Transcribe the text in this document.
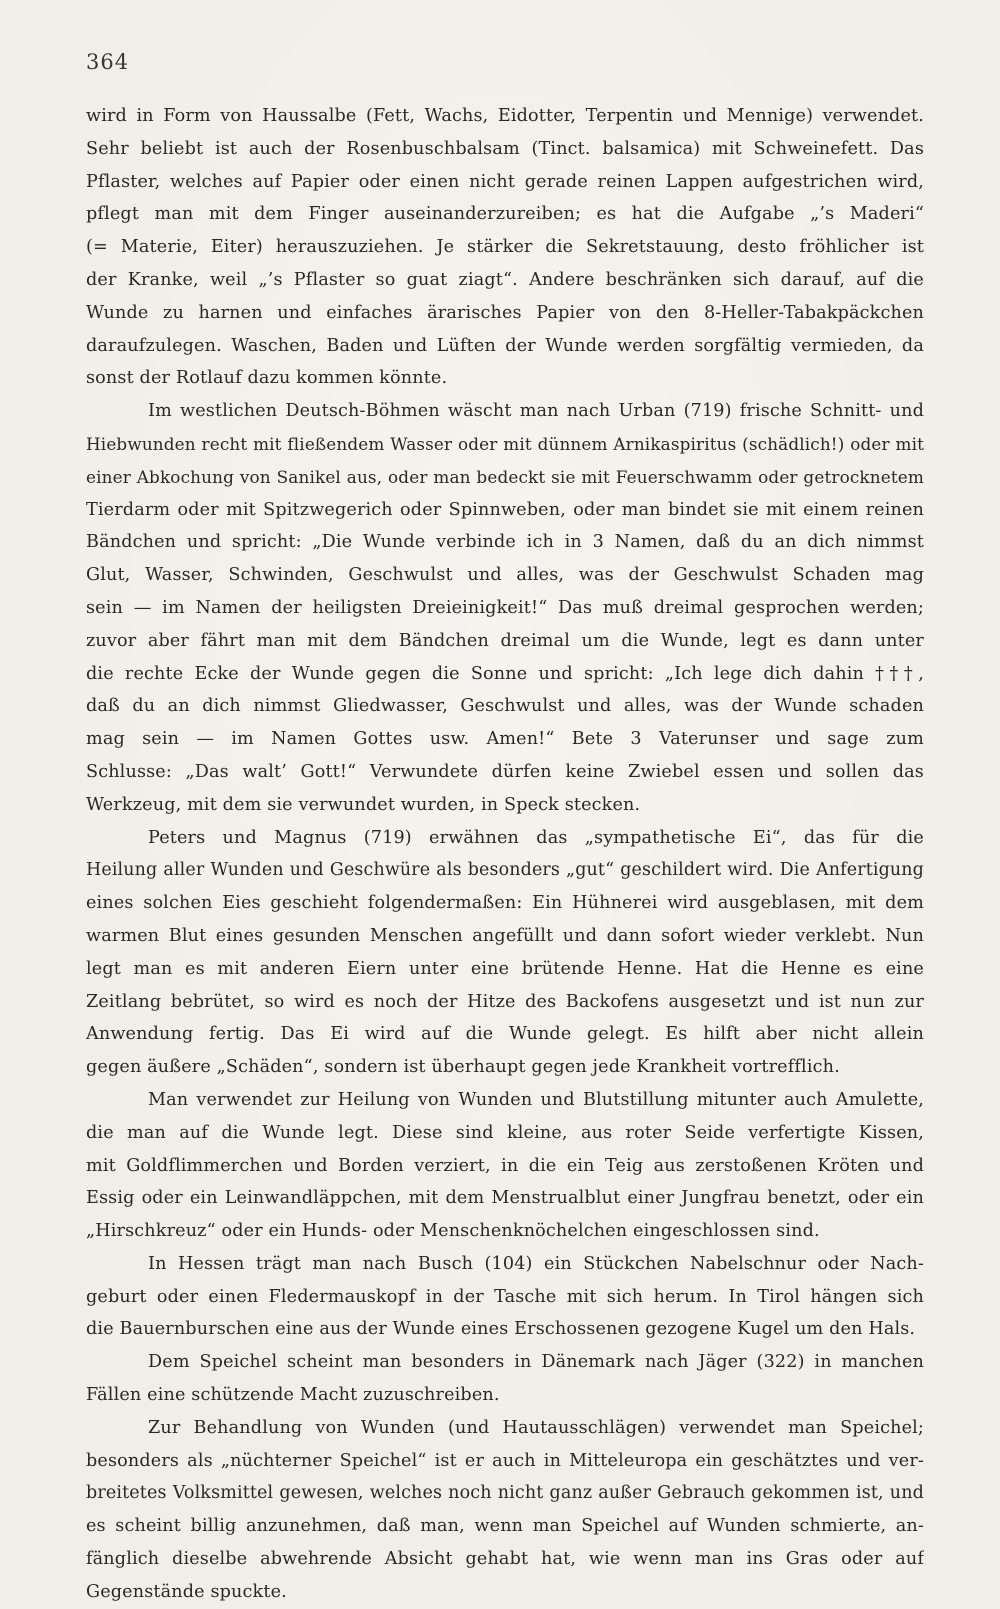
364
wird in Form von Haussalbe (Fett, Wachs, Eidotter, Terpentin und Mennige) verwendet.
Sehr beliebt ist auch der Rosenbuschbalsam (Tinct. balsamica) mit Schweinefett. Das
Pflaster, welches auf Papier oder einen nicht gerade reinen Lappen aufgestrichen wird,
pflegt man mit dem Finger auseinanderzureiben; es hat die Aufgabe „’s Maderi“
(= Materie, Eiter) herauszuziehen. Je stärker die Sekretstauung, desto fröhlicher ist
der Kranke, weil „’s Pflaster so guat ziagt“. Andere beschränken sich darauf, auf die
Wunde zu harnen und einfaches ärarisches Papier von den 8-Heller-Tabakpäckchen
daraufzulegen. Waschen, Baden und Lüften der Wunde werden sorgfältig vermieden, da
sonst der Rotlauf dazu kommen könnte.
Im westlichen Deutsch-Böhmen wäscht man nach Urban (719) frische Schnitt- und
Hiebwunden recht mit fließendem Wasser oder mit dünnem Arnikaspiritus (schädlich!) oder mit
einer Abkochung von Sanikel aus, oder man bedeckt sie mit Feuerschwamm oder getrocknetem
Tierdarm oder mit Spitzwegerich oder Spinnweben, oder man bindet sie mit einem reinen
Bändchen und spricht: „Die Wunde verbinde ich in 3 Namen, daß du an dich nimmst
Glut, Wasser, Schwinden, Geschwulst und alles, was der Geschwulst Schaden mag
sein — im Namen der heiligsten Dreieinigkeit!“ Das muß dreimal gesprochen werden;
zuvor aber fährt man mit dem Bändchen dreimal um die Wunde, legt es dann unter
die rechte Ecke der Wunde gegen die Sonne und spricht: „Ich lege dich dahin †††,
daß du an dich nimmst Gliedwasser, Geschwulst und alles, was der Wunde schaden
mag sein — im Namen Gottes usw. Amen!“ Bete 3 Vaterunser und sage zum
Schlusse: „Das walt’ Gott!“ Verwundete dürfen keine Zwiebel essen und sollen das
Werkzeug, mit dem sie verwundet wurden, in Speck stecken.
Peters und Magnus (719) erwähnen das „sympathetische Ei“, das für die
Heilung aller Wunden und Geschwüre als besonders „gut“ geschildert wird. Die Anfertigung
eines solchen Eies geschieht folgendermaßen: Ein Hühnerei wird ausgeblasen, mit dem
warmen Blut eines gesunden Menschen angefüllt und dann sofort wieder verklebt. Nun
legt man es mit anderen Eiern unter eine brütende Henne. Hat die Henne es eine
Zeitlang bebrütet, so wird es noch der Hitze des Backofens ausgesetzt und ist nun zur
Anwendung fertig. Das Ei wird auf die Wunde gelegt. Es hilft aber nicht allein
gegen äußere „Schäden“, sondern ist überhaupt gegen jede Krankheit vortrefflich.
Man verwendet zur Heilung von Wunden und Blutstillung mitunter auch Amulette,
die man auf die Wunde legt. Diese sind kleine, aus roter Seide verfertigte Kissen,
mit Goldflimmerchen und Borden verziert, in die ein Teig aus zerstoßenen Kröten und
Essig oder ein Leinwandläppchen, mit dem Menstrualblut einer Jungfrau benetzt, oder ein
„Hirschkreuz“ oder ein Hunds- oder Menschenknöchelchen eingeschlossen sind.
In Hessen trägt man nach Busch (104) ein Stückchen Nabelschnur oder Nach-
geburt oder einen Fledermauskopf in der Tasche mit sich herum. In Tirol hängen sich
die Bauernburschen eine aus der Wunde eines Erschossenen gezogene Kugel um den Hals.
Dem Speichel scheint man besonders in Dänemark nach Jäger (322) in manchen
Fällen eine schützende Macht zuzuschreiben.
Zur Behandlung von Wunden (und Hautausschlägen) verwendet man Speichel;
besonders als „nüchterner Speichel“ ist er auch in Mitteleuropa ein geschätztes und ver-
breitetes Volksmittel gewesen, welches noch nicht ganz außer Gebrauch gekommen ist, und
es scheint billig anzunehmen, daß man, wenn man Speichel auf Wunden schmierte, an-
fänglich dieselbe abwehrende Absicht gehabt hat, wie wenn man ins Gras oder auf
Gegenstände spuckte.
